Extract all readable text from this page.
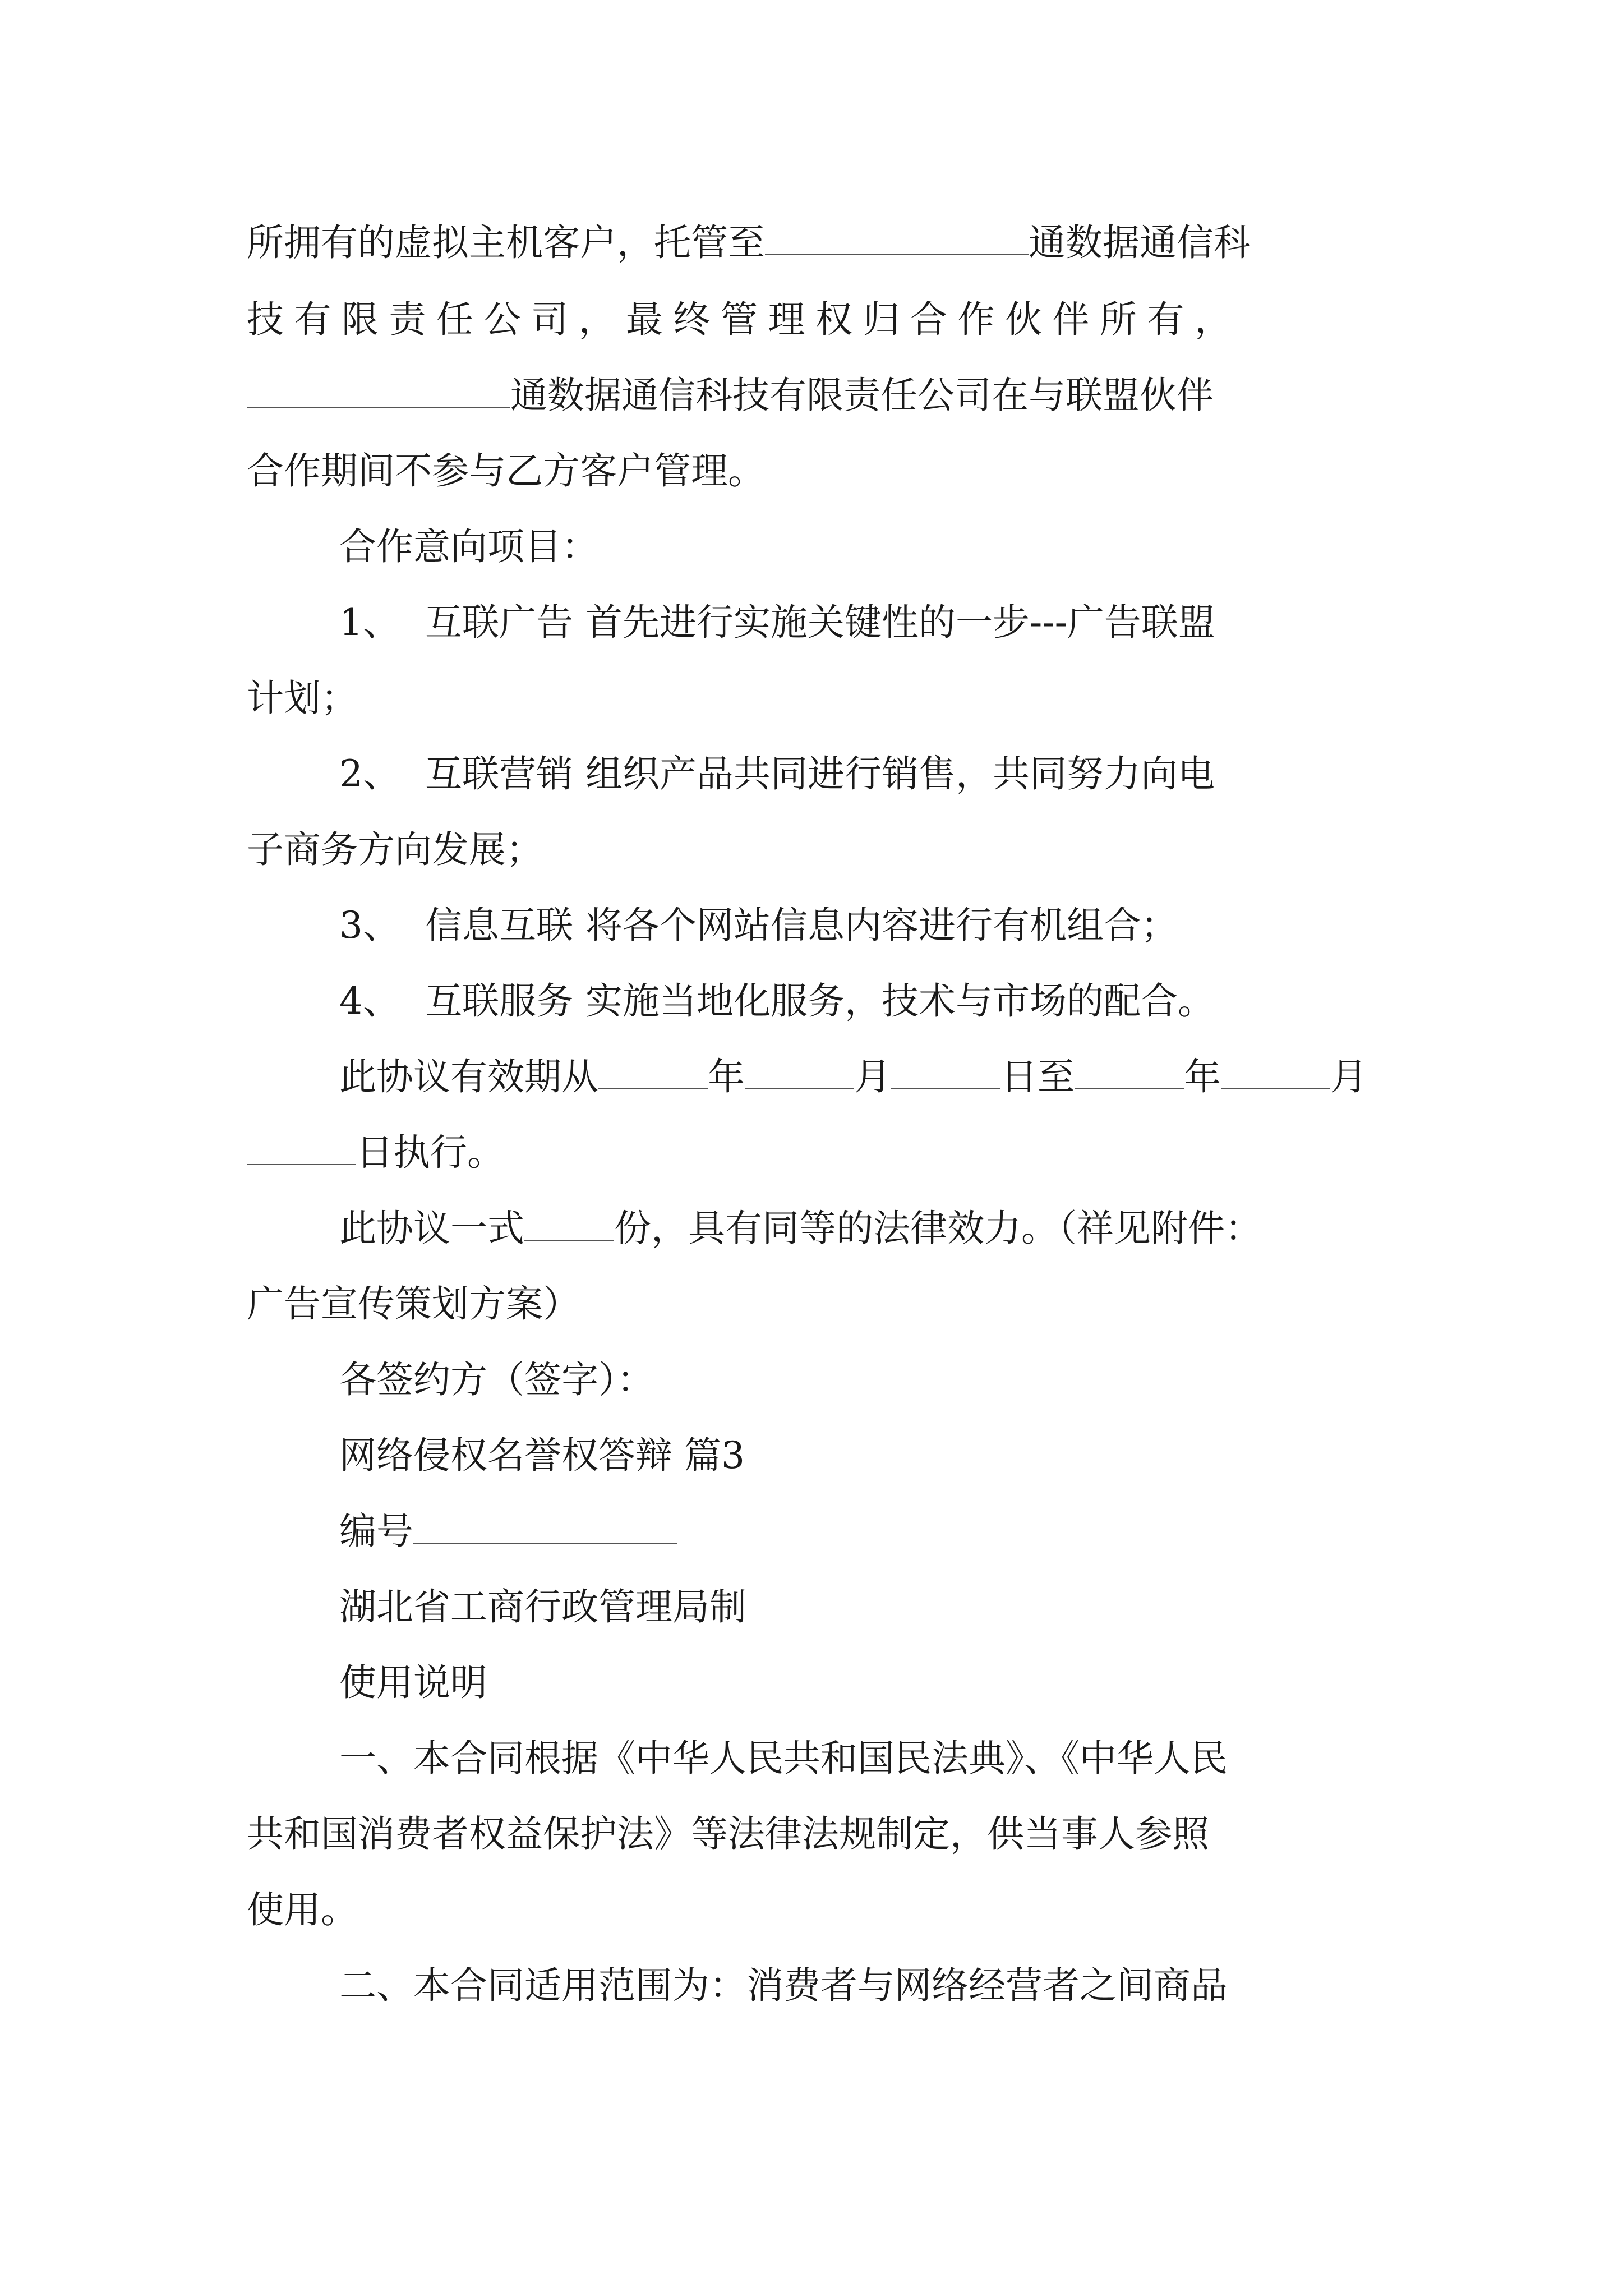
所拥有的虚拟主机客户，托管至	通数据通信科
技有限责任公司，最终管理权归合作伙伴所有，
通数据通信科技有限责任公司在与联盟伙伴
合作期间不参与乙方客户管理。
合作意向项目：
1、 互联广告 首先进行实施关键性的一步---广告联盟
计划；
2、 互联营销 组织产品共同进行销售，共同努力向电
子商务方向发展；
3、 信息互联 将各个网站信息内容进行有机组合；
4、 互联服务 实施当地化服务，技术与市场的配合。
此协议有效期从	年	月	日至	年	月
日执行。
此协议一式 份，具有同等的法律效力。（祥见附件：
广告宣传策划方案）
各签约方（签字）：
网络侵权名誉权答辩 篇3
编号
湖北省工商行政管理局制
使用说明
一、本合同根据《中华人民共和国民法典》、《中华人民
共和国消费者权益保护法》等法律法规制定，供当事人参照
使用。
二、本合同适用范围为：消费者与网络经营者之间商品
